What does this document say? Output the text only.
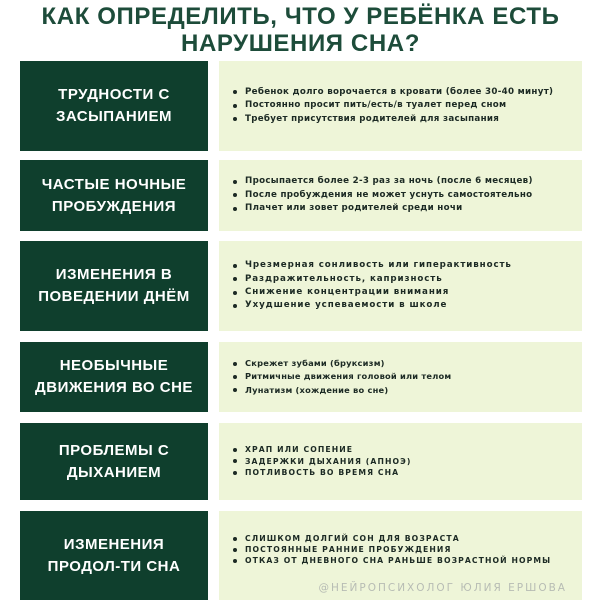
КАК ОПРЕДЕЛИТЬ, ЧТО У РЕБЁНКА ЕСТЬ
НАРУШЕНИЯ СНА?
ТРУДНОСТИ С
ЗАСЫПАНИЕМ
Ребенок долго ворочается в кровати (более 30-40 минут)
Постоянно просит пить/есть/в туалет перед сном
Требует присутствия родителей для засыпания
ЧАСТЫЕ НОЧНЫЕ
ПРОБУЖДЕНИЯ
Просыпается более 2-3 раз за ночь (после 6 месяцев)
После пробуждения не может уснуть самостоятельно
Плачет или зовет родителей среди ночи
ИЗМЕНЕНИЯ В
ПОВЕДЕНИИ ДНЁМ
Чрезмерная сонливость или гиперактивность
Раздражительность, капризность
Снижение концентрации внимания
Ухудшение успеваемости в школе
НЕОБЫЧНЫЕ
ДВИЖЕНИЯ ВО СНЕ
Скрежет зубами (бруксизм)
Ритмичные движения головой или телом
Лунатизм (хождение во сне)
ПРОБЛЕМЫ С
ДЫХАНИЕМ
ХРАП ИЛИ СОПЕНИЕ
ЗАДЕРЖКИ ДЫХАНИЯ (АПНОЭ)
ПОТЛИВОСТЬ ВО ВРЕМЯ СНА
ИЗМЕНЕНИЯ
ПРОДОЛ-ТИ СНА
СЛИШКОМ ДОЛГИЙ СОН ДЛЯ ВОЗРАСТА
ПОСТОЯННЫЕ РАННИЕ ПРОБУЖДЕНИЯ
ОТКАЗ ОТ ДНЕВНОГО СНА РАНЬШЕ ВОЗРАСТНОЙ НОРМЫ
@НЕЙРОПСИХОЛОГ ЮЛИЯ ЕРШОВА
